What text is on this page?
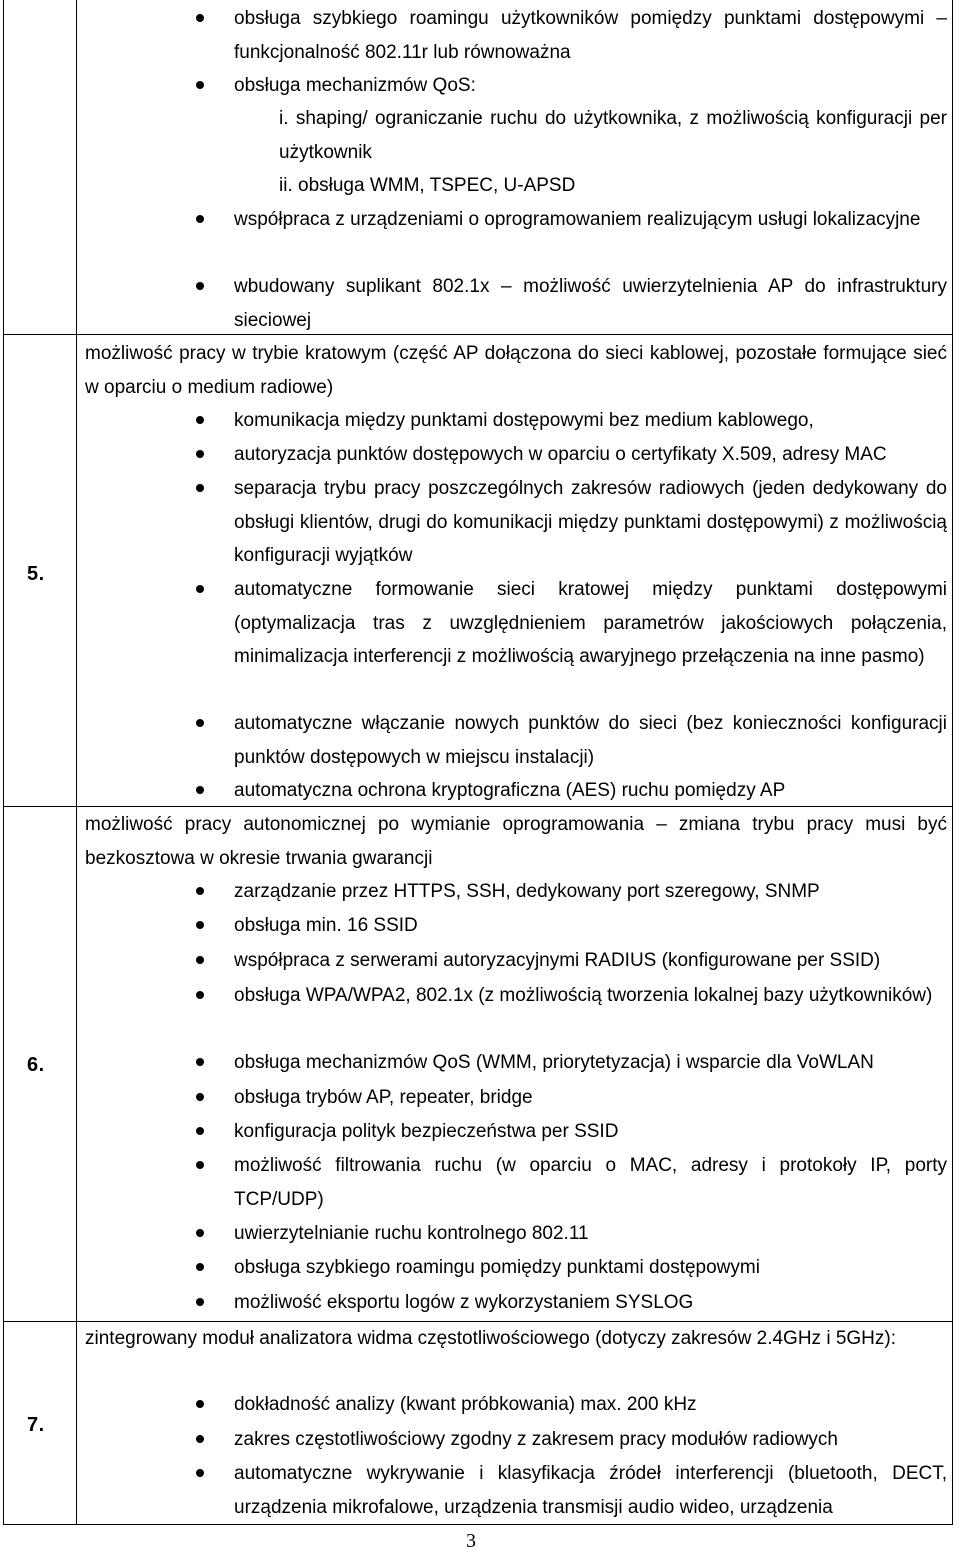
5.

obsługa szybkiego roamingu użytkowników pomiędzy punktami dostępowymi – funkcjonalność 802.11r lub równoważna

obsługa mechanizmów QoS:

i. shaping/ ograniczanie ruchu do użytkownika, z możliwością konfiguracji per użytkownik

ii. obsługa WMM, TSPEC, U-APSD

współpraca z urządzeniami o oprogramowaniem realizującym usługi lokalizacyjne

wbudowany suplikant 802.1x – możliwość uwierzytelnienia AP do infrastruktury sieciowej

możliwość pracy w trybie kratowym (część AP dołączona do sieci kablowej, pozostałe formujące sieć w oparciu o medium radiowe)

komunikacja między punktami dostępowymi bez medium kablowego,

autoryzacja punktów dostępowych w oparciu o certyfikaty X.509, adresy MAC

separacja trybu pracy poszczególnych zakresów radiowych (jeden dedykowany do obsługi klientów, drugi do komunikacji między punktami dostępowymi) z możliwością konfiguracji wyjątków

automatyczne formowanie sieci kratowej między punktami dostępowymi (optymalizacja tras z uwzględnieniem parametrów jakościowych połączenia, minimalizacja interferencji z możliwością awaryjnego przełączenia na inne pasmo)

automatyczne włączanie nowych punktów do sieci (bez konieczności konfiguracji punktów dostępowych w miejscu instalacji)

automatyczna ochrona kryptograficzna (AES) ruchu pomiędzy AP

6.

możliwość pracy autonomicznej po wymianie oprogramowania – zmiana trybu pracy musi być bezkosztowa w okresie trwania gwarancji

zarządzanie przez HTTPS, SSH, dedykowany port szeregowy, SNMP

obsługa min. 16 SSID

współpraca z serwerami autoryzacyjnymi RADIUS (konfigurowane per SSID)

obsługa WPA/WPA2, 802.1x (z możliwością tworzenia lokalnej bazy użytkowników)

obsługa mechanizmów QoS (WMM, priorytetyzacja) i wsparcie dla VoWLAN

obsługa trybów AP, repeater, bridge

konfiguracja polityk bezpieczeństwa per SSID

możliwość filtrowania ruchu (w oparciu o MAC, adresy i protokoły IP, porty TCP/UDP)

uwierzytelnianie ruchu kontrolnego 802.11

obsługa szybkiego roamingu pomiędzy punktami dostępowymi

możliwość eksportu logów z wykorzystaniem SYSLOG

7.

zintegrowany moduł analizatora widma częstotliwościowego (dotyczy zakresów 2.4GHz i 5GHz):

dokładność analizy (kwant próbkowania) max. 200 kHz

zakres częstotliwościowy zgodny z zakresem pracy modułów radiowych

automatyczne wykrywanie i klasyfikacja źródeł interferencji (bluetooth, DECT, urządzenia mikrofalowe, urządzenia transmisji audio wideo, urządzenia

3
